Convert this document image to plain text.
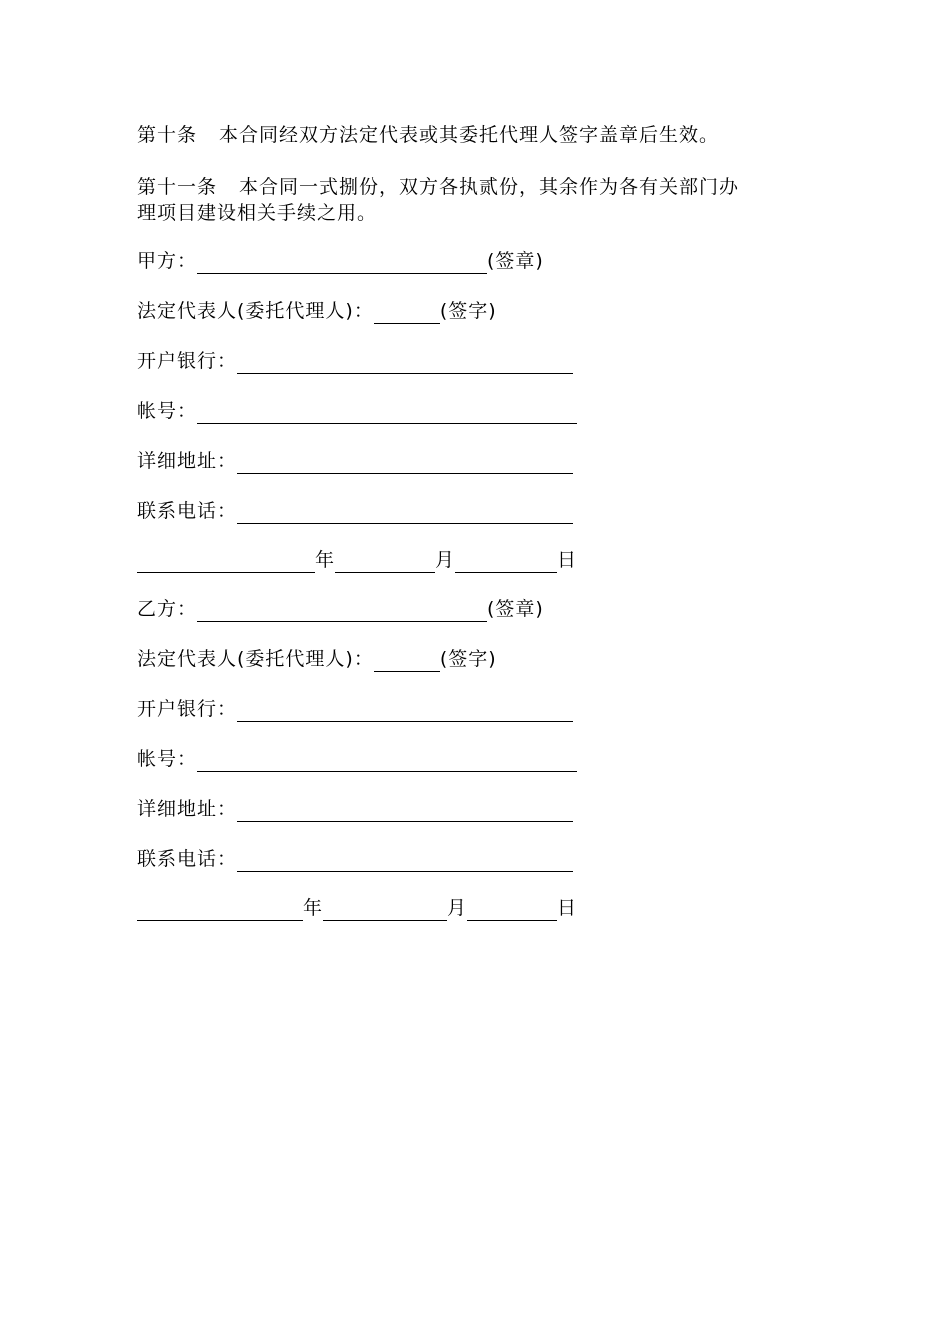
第十条 本合同经双方法定代表或其委托代理人签字盖章后生效。
第十一条 本合同一式捌份，双方各执贰份，其余作为各有关部门办
理项目建设相关手续之用。
甲方：	(签章)
法定代表人(委托代理人)：	(签字)
开户银行：
帐号：
详细地址：
联系电话：
年	月	日
乙方：	(签章)
法定代表人(委托代理人)：	(签字)
开户银行：
帐号：
详细地址：
联系电话：
年	月	日
